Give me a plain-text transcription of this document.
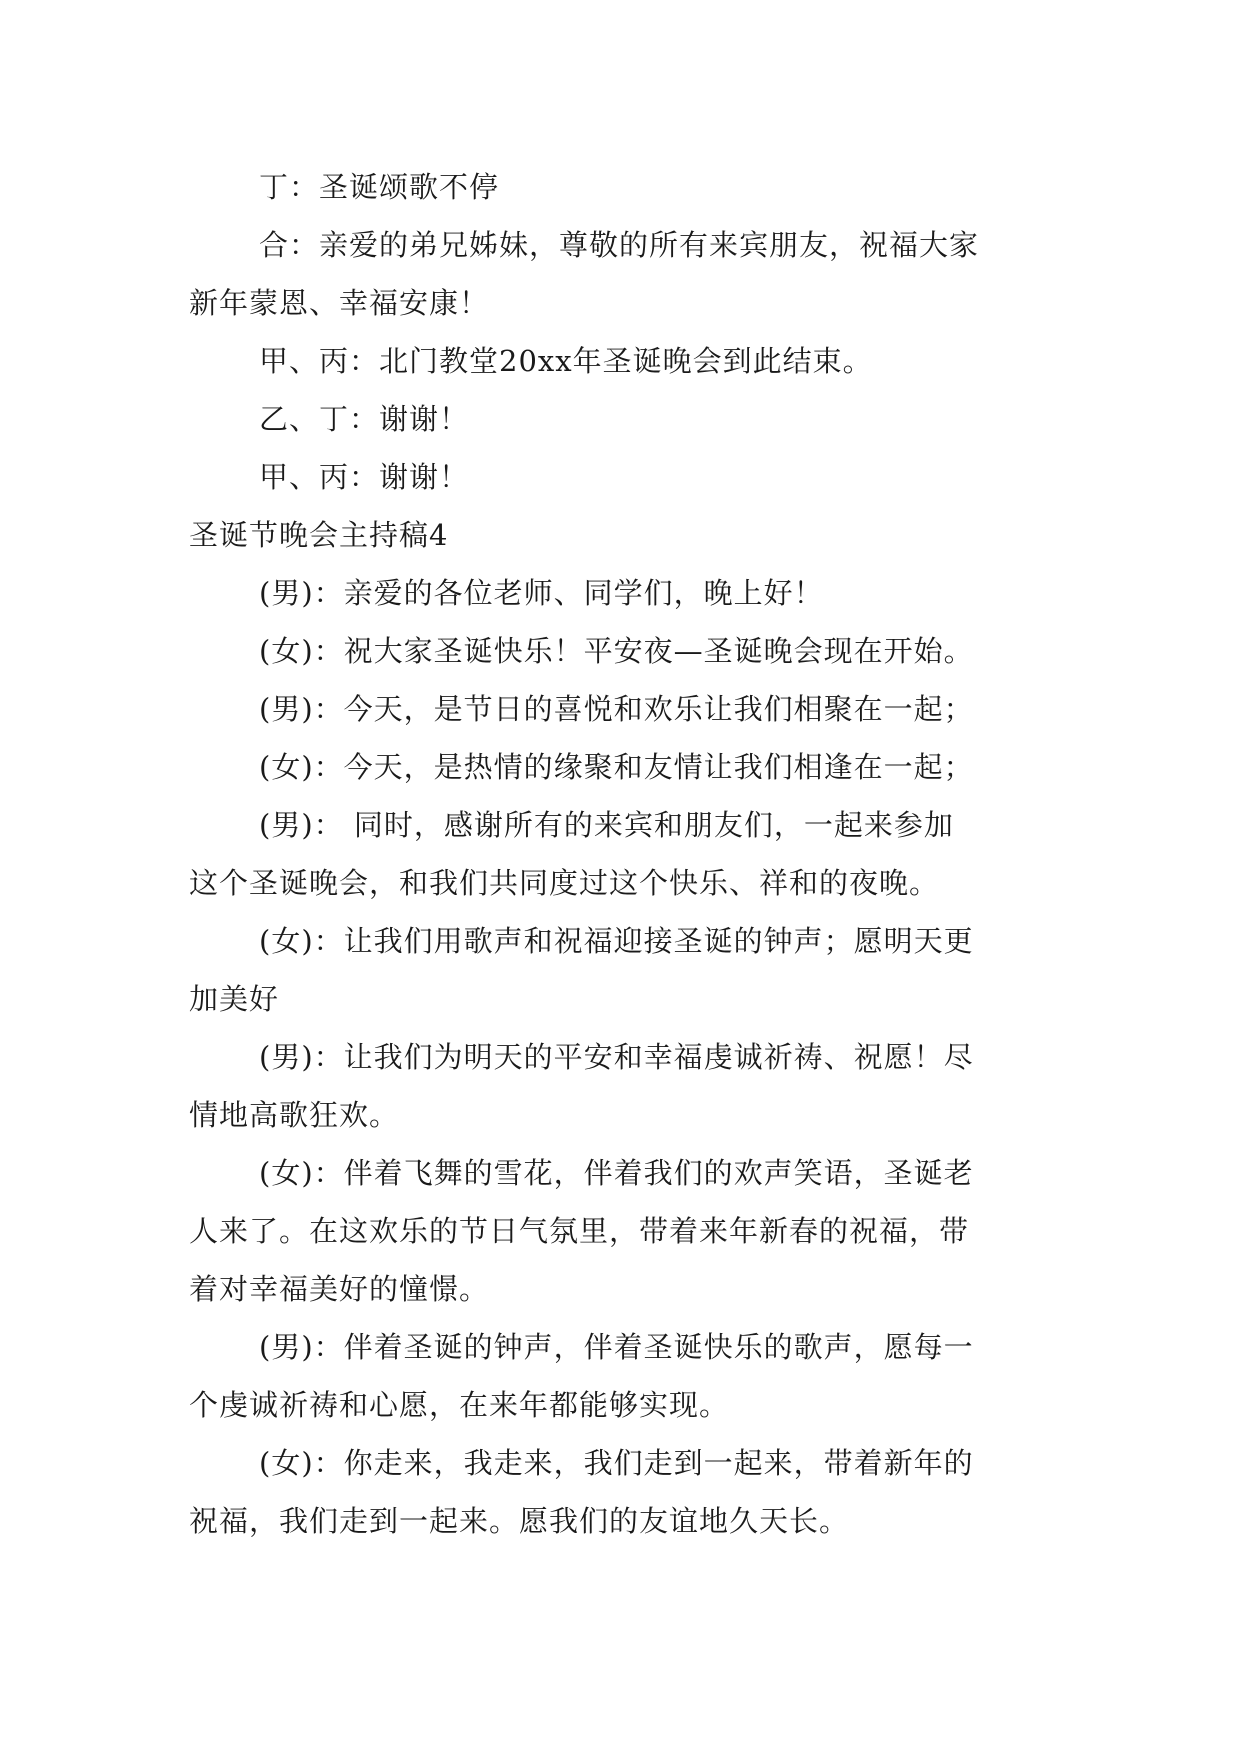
丁：圣诞颂歌不停

合：亲爱的弟兄姊妹，尊敬的所有来宾朋友，祝福大家

新年蒙恩、幸福安康！

甲、丙：北门教堂20xx年圣诞晚会到此结束。

乙、丁：谢谢！

甲、丙：谢谢！

圣诞节晚会主持稿4

(男)：亲爱的各位老师、同学们，晚上好！

(女)：祝大家圣诞快乐！平安夜—圣诞晚会现在开始。

(男)：今天，是节日的喜悦和欢乐让我们相聚在一起；

(女)：今天，是热情的缘聚和友情让我们相逢在一起；

(男)： 同时，感谢所有的来宾和朋友们，一起来参加

这个圣诞晚会，和我们共同度过这个快乐、祥和的夜晚。

(女)：让我们用歌声和祝福迎接圣诞的钟声；愿明天更

加美好

(男)：让我们为明天的平安和幸福虔诚祈祷、祝愿！尽

情地高歌狂欢。

(女)：伴着飞舞的雪花，伴着我们的欢声笑语，圣诞老

人来了。在这欢乐的节日气氛里，带着来年新春的祝福，带

着对幸福美好的憧憬。

(男)：伴着圣诞的钟声，伴着圣诞快乐的歌声，愿每一

个虔诚祈祷和心愿，在来年都能够实现。

(女)：你走来，我走来，我们走到一起来，带着新年的

祝福，我们走到一起来。愿我们的友谊地久天长。
